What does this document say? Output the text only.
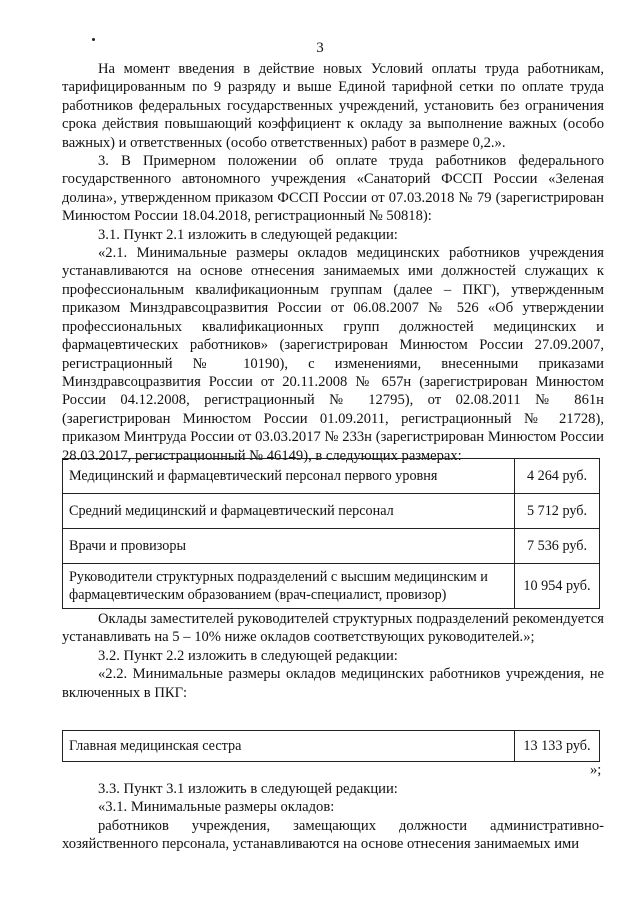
3

На момент введения в действие новых Условий оплаты труда работникам, тарифицированным по 9 разряду и выше Единой тарифной сетки по оплате труда работников федеральных государственных учреждений, установить без ограничения срока действия повышающий коэффициент к окладу за выполнение важных (особо важных) и ответственных (особо ответственных) работ в размере 0,2.».

3. В Примерном положении об оплате труда работников федерального государственного автономного учреждения «Санаторий ФССП России «Зеленая долина», утвержденном приказом ФССП России от 07.03.2018 № 79 (зарегистрирован Минюстом России 18.04.2018, регистрационный № 50818):

3.1. Пункт 2.1 изложить в следующей редакции:

«2.1. Минимальные размеры окладов медицинских работников учреждения устанавливаются на основе отнесения занимаемых ими должностей служащих к профессиональным квалификационным группам (далее – ПКГ), утвержденным приказом Минздравсоцразвития России от 06.08.2007 № 526 «Об утверждении профессиональных квалификационных групп должностей медицинских и фармацевтических работников» (зарегистрирован Минюстом России 27.09.2007, регистрационный № 10190), с изменениями, внесенными приказами Минздравсоцразвития России от 20.11.2008 № 657н (зарегистрирован Минюстом России 04.12.2008, регистрационный № 12795), от 02.08.2011 № 861н (зарегистрирован Минюстом России 01.09.2011, регистрационный № 21728), приказом Минтруда России от 03.03.2017 № 233н (зарегистрирован Минюстом России 28.03.2017, регистрационный № 46149), в следующих размерах:

Медицинский и фармацевтический персонал первого уровня	4 264 руб.
Средний медицинский и фармацевтический персонал	5 712 руб.
Врачи и провизоры	7 536 руб.
Руководители структурных подразделений с высшим медицинским и фармацевтическим образованием (врач-специалист, провизор)	10 954 руб.

Оклады заместителей руководителей структурных подразделений рекомендуется устанавливать на 5 – 10% ниже окладов соответствующих руководителей.»;

3.2. Пункт 2.2 изложить в следующей редакции:

«2.2. Минимальные размеры окладов медицинских работников учреждения, не включенных в ПКГ:

Главная медицинская сестра	13 133 руб.
»;

3.3. Пункт 3.1 изложить в следующей редакции:

«3.1. Минимальные размеры окладов:

работников учреждения, замещающих должности административно-хозяйственного персонала, устанавливаются на основе отнесения занимаемых ими
